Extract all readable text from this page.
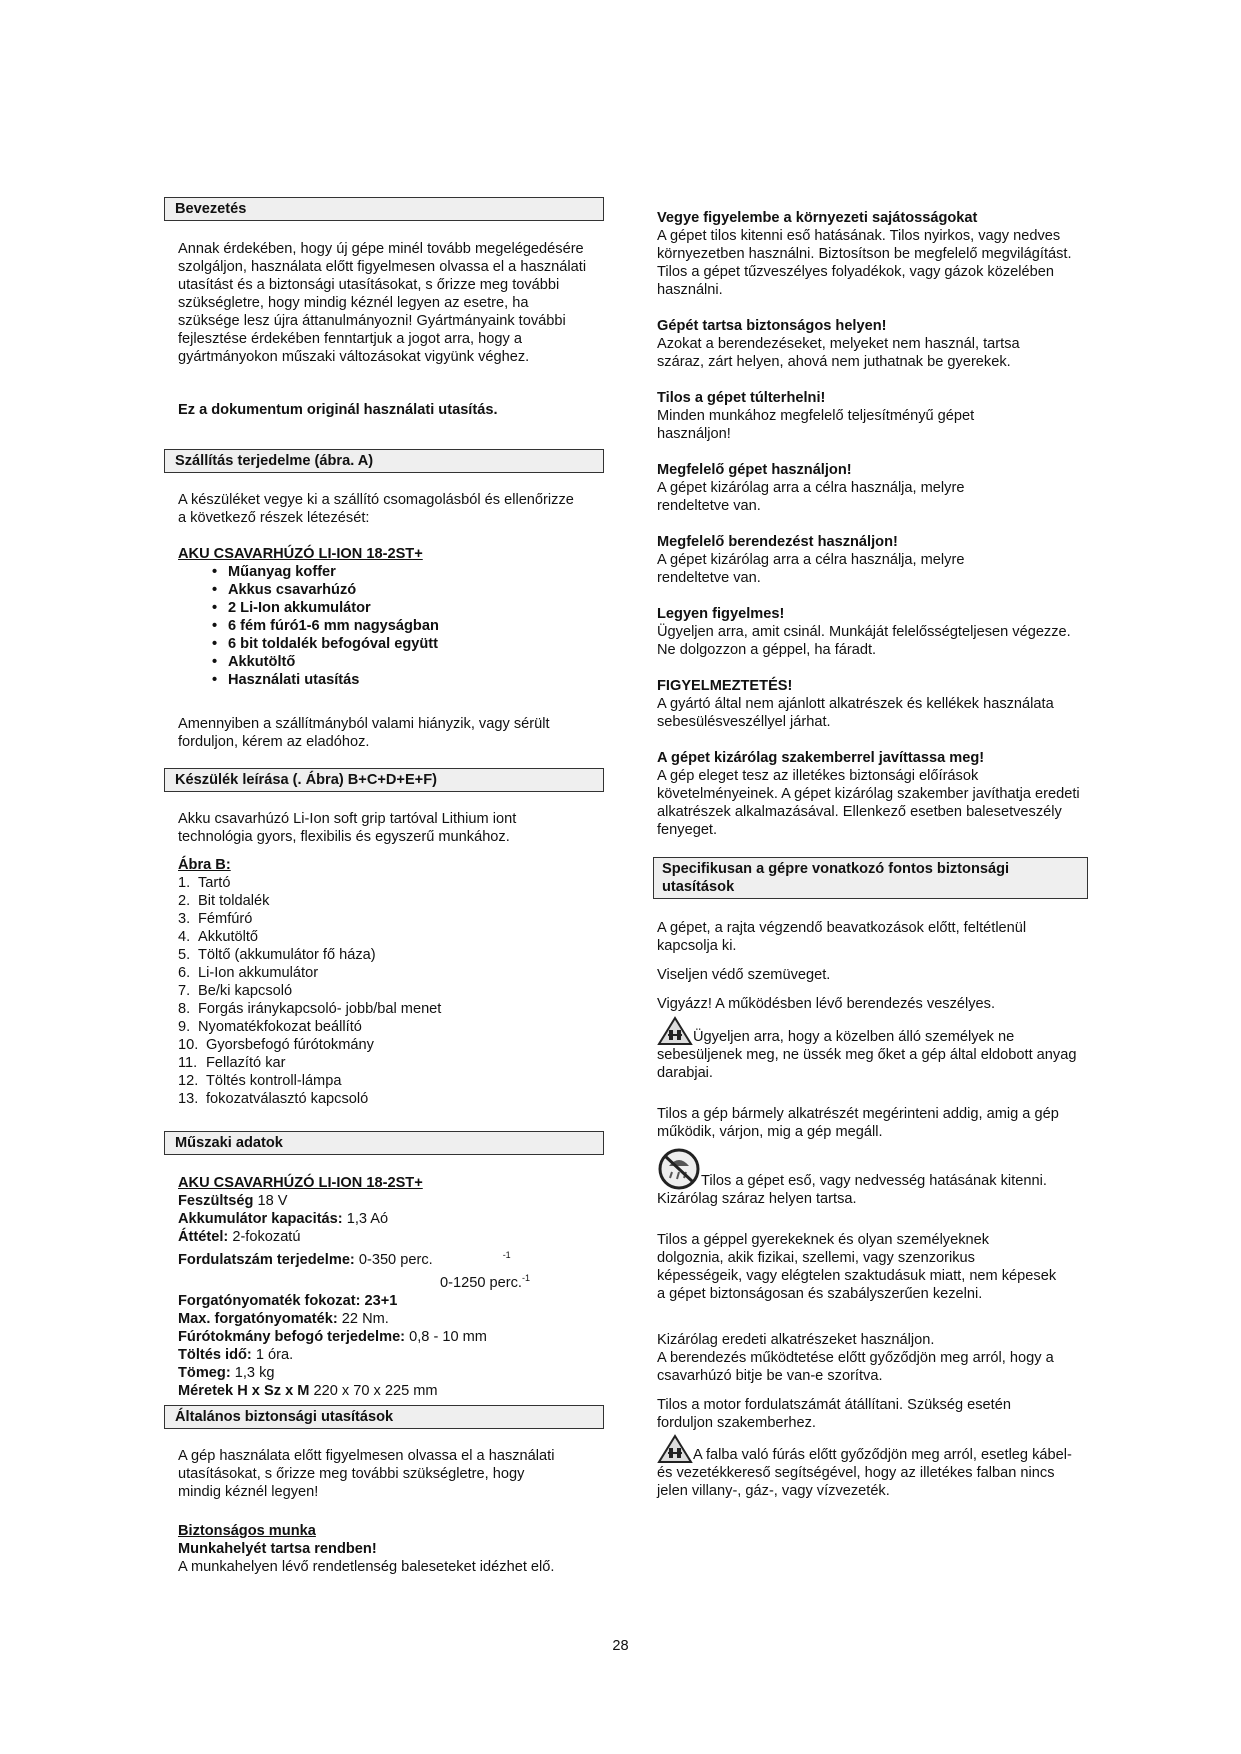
Bevezetés

Annak érdekében, hogy új gépe minél tovább megelégedésére szolgáljon, használata előtt figyelmesen olvassa el a használati utasítást és a biztonsági utasításokat, s őrizze meg további szükségletre, hogy mindig kéznél legyen az esetre, ha szüksége lesz újra áttanulmányozni! Gyártmányaink további fejlesztése érdekében fenntartjuk a jogot arra, hogy a gyártmányokon műszaki változásokat vigyünk véghez.

Ez a dokumentum originál használati utasítás.

Szállítás terjedelme (ábra. A)

A készüléket vegye ki a szállító csomagolásból és ellenőrizze a következő részek létezését:

AKU CSAVARHÚZÓ LI-ION 18-2ST+

• Műanyag koffer
• Akkus csavarhúzó
• 2 Li-Ion akkumulátor
• 6 fém fúró1-6 mm nagyságban
• 6 bit toldalék befogóval együtt
• Akkutöltő
• Használati utasítás

Amennyiben a szállítmányból valami hiányzik, vagy sérült forduljon, kérem az eladóhoz.

Készülék leírása (. Ábra) B+C+D+E+F)

Akku csavarhúzó Li-Ion soft grip tartóval Lithium iont technológia gyors, flexibilis és egyszerű munkához.

Ábra B:

1. Tartó
2. Bit toldalék
3. Fémfúró
4. Akkutöltő
5. Töltő (akkumulátor fő háza)
6. Li-Ion akkumulátor
7. Be/ki kapcsoló
8. Forgás iránykapcsoló- jobb/bal menet
9. Nyomatékfokozat beállító
10. Gyorsbefogó fúrótokmány
11. Fellazító kar
12. Töltés kontroll-lámpa
13. fokozatválasztó kapcsoló
Műszaki adatok

AKU CSAVARHÚZÓ LI-ION 18-2ST+

Feszültség 18 V

Akkumulátor kapacitás: 1,3 Aó

Áttétel: 2-fokozatú

Fordulatszám terjedelme: 0-350 perc.	$^{-1}$

0-1250 perc.$^{-1}$

Forgatónyomaték fokozat: 23+1

Max. forgatónyomaték: 22 Nm.

Fúrótokmány befogó terjedelme: 0,8 - 10 mm

Töltés idő: 1 óra.

Tömeg: 1,3 kg

Méretek H x Sz x M 220 x 70 x 225 mm

Általános biztonsági utasítások

A gép használata előtt figyelmesen olvassa el a használati utasításokat, s őrizze meg további szükségletre, hogy mindig kéznél legyen!

Biztonságos munka

Munkahelyét tartsa rendben!

A munkahelyen lévő rendetlenség baleseteket idézhet elő.

Vegye figyelembe a környezeti sajátosságokat

A gépet tilos kitenni eső hatásának. Tilos nyirkos, vagy nedves környezetben használni. Biztosítson be megfelelő megvilágítást. Tilos a gépet tűzveszélyes folyadékok, vagy gázok közelében használni.

Gépét tartsa biztonságos helyen!

Azokat a berendezéseket, melyeket nem használ, tartsa száraz, zárt helyen, ahová nem juthatnak be gyerekek.

Tilos a gépet túlterhelni!

Minden munkához megfelelő teljesítményű gépet használjon!

Megfelelő gépet használjon!

A gépet kizárólag arra a célra használja, melyre rendeltetve van.

Megfelelő berendezést használjon!

A gépet kizárólag arra a célra használja, melyre rendeltetve van.

Legyen figyelmes!

Ügyeljen arra, amit csinál. Munkáját felelősségteljesen végezze. Ne dolgozzon a géppel, ha fáradt.

FIGYELMEZTETÉS!

A gyártó által nem ajánlott alkatrészek és kellékek használata sebesülésveszéllyel járhat.

A gépet kizárólag szakemberrel javíttassa meg!

A gép eleget tesz az illetékes biztonsági előírások követelményeinek. A gépet kizárólag szakember javíthatja eredeti alkatrészek alkalmazásával. Ellenkező esetben balesetveszély fenyeget.

Specifikusan a gépre vonatkozó fontos biztonsági utasítások

A gépet, a rajta végzendő beavatkozások előtt, feltétlenül kapcsolja ki.

Viseljen védő szemüveget.

Vigyázz! A működésben lévő berendezés veszélyes.

Ügyeljen arra, hogy a közelben álló személyek ne sebesüljenek meg, ne üssék meg őket a gép által eldobott anyag darabjai.

Tilos a gép bármely alkatrészét megérinteni addig, amig a gép működik, várjon, mig a gép megáll.

Tilos a gépet eső, vagy nedvesség hatásának kitenni. Kizárólag száraz helyen tartsa.

Tilos a géppel gyerekeknek és olyan személyeknek dolgoznia, akik fizikai, szellemi, vagy szenzorikus képességeik, vagy elégtelen szaktudásuk miatt, nem képesek a gépet biztonságosan és szabályszerűen kezelni.

Kizárólag eredeti alkatrészeket használjon.

A berendezés működtetése előtt győződjön meg arról, hogy a csavarhúzó bitje be van-e szorítva.

Tilos a motor fordulatszámát átállítani. Szükség esetén forduljon szakemberhez.

A falba való fúrás előtt győződjön meg arról, esetleg kábel- és vezetékkereső segítségével, hogy az illetékes falban nincs jelen villany-, gáz-, vagy vízvezeték.
28
